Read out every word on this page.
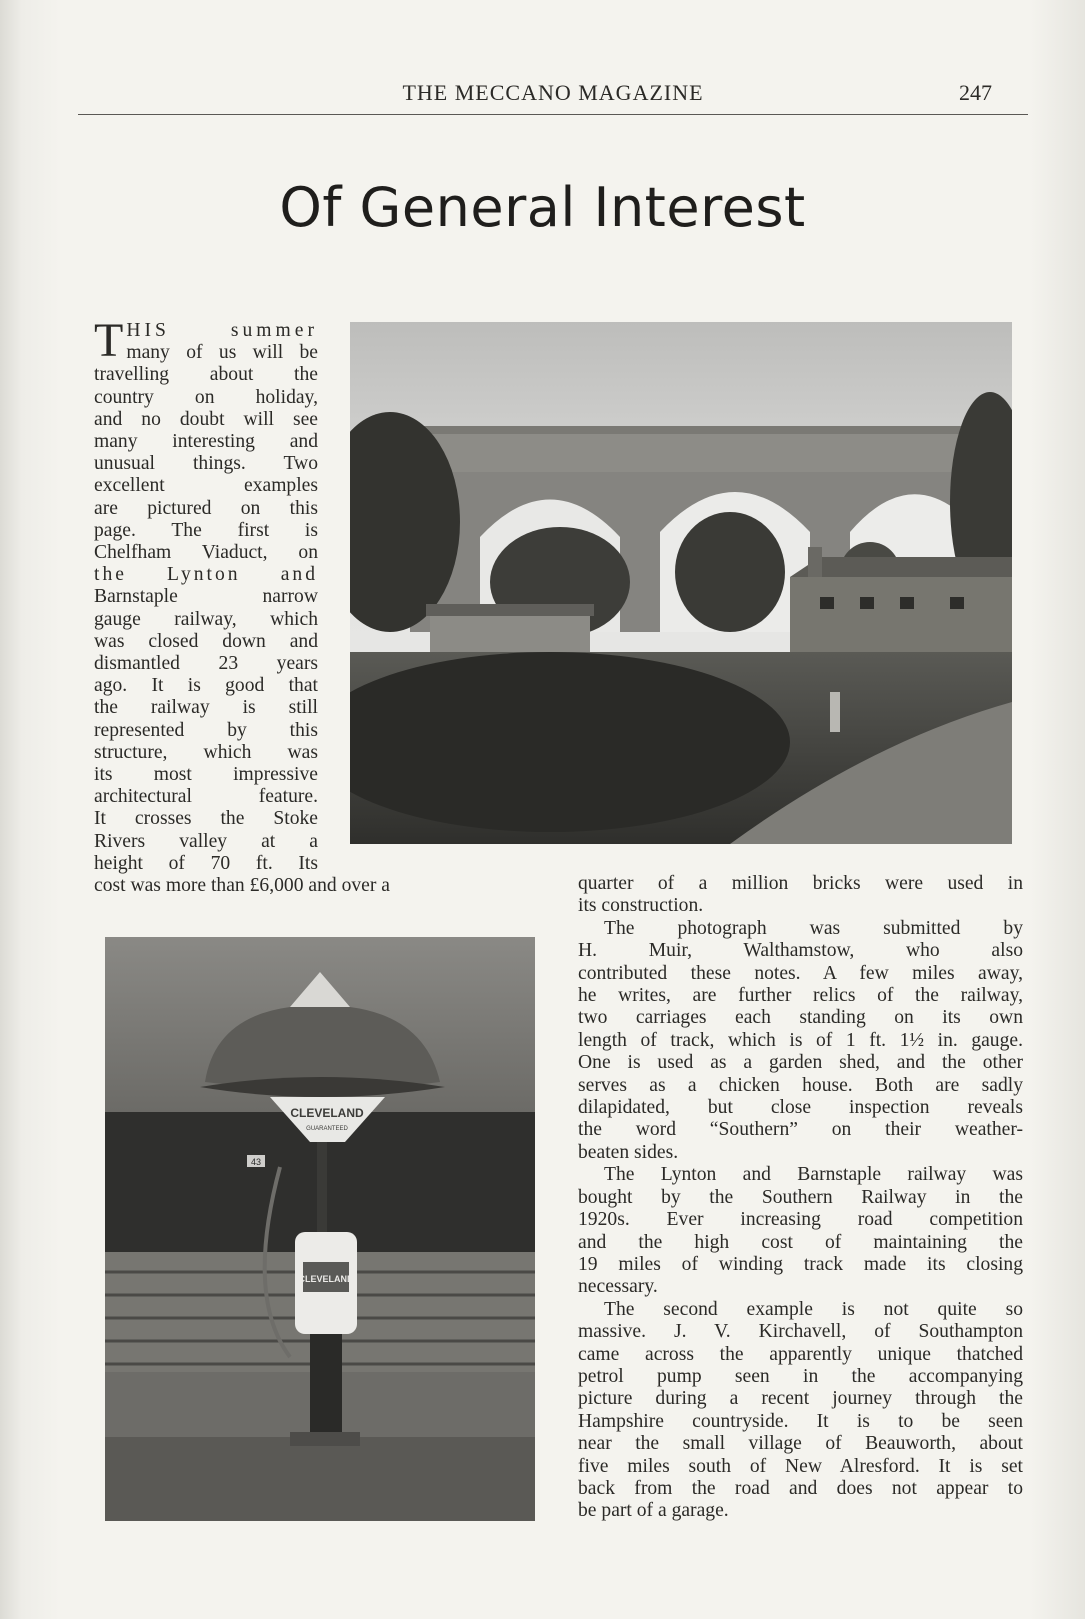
THE MECCANO MAGAZINE	247
Of General Interest
T HIS summer
many of us will be
travelling about the
country on holiday,
and no doubt will see
many interesting and
unusual things. Two
excellent examples
are pictured on this
page. The first is
Chelfham Viaduct, on
the Lynton and
Barnstaple narrow
gauge railway, which
was closed down and
dismantled 23 years
ago. It is good that
the railway is still
represented by this
structure, which was
its most impressive
architectural feature.
It crosses the Stoke
Rivers valley at a
height of 70 ft. Its
cost was more than £6,000 and over a
CLEVELAND
GUARANTEED
43
CLEVELAND
quarter of a million bricks were used in
its construction.
The photograph was submitted by
H. Muir, Walthamstow, who also
contributed these notes. A few miles away,
he writes, are further relics of the railway,
two carriages each standing on its own
length of track, which is of 1 ft. 1½ in. gauge.
One is used as a garden shed, and the other
serves as a chicken house. Both are sadly
dilapidated, but close inspection reveals
the word “Southern” on their weather-
beaten sides.
The Lynton and Barnstaple railway was
bought by the Southern Railway in the
1920s. Ever increasing road competition
and the high cost of maintaining the
19 miles of winding track made its closing
necessary.
The second example is not quite so
massive. J. V. Kirchavell, of Southampton
came across the apparently unique thatched
petrol pump seen in the accompanying
picture during a recent journey through the
Hampshire countryside. It is to be seen
near the small village of Beauworth, about
five miles south of New Alresford. It is set
back from the road and does not appear to
be part of a garage.
